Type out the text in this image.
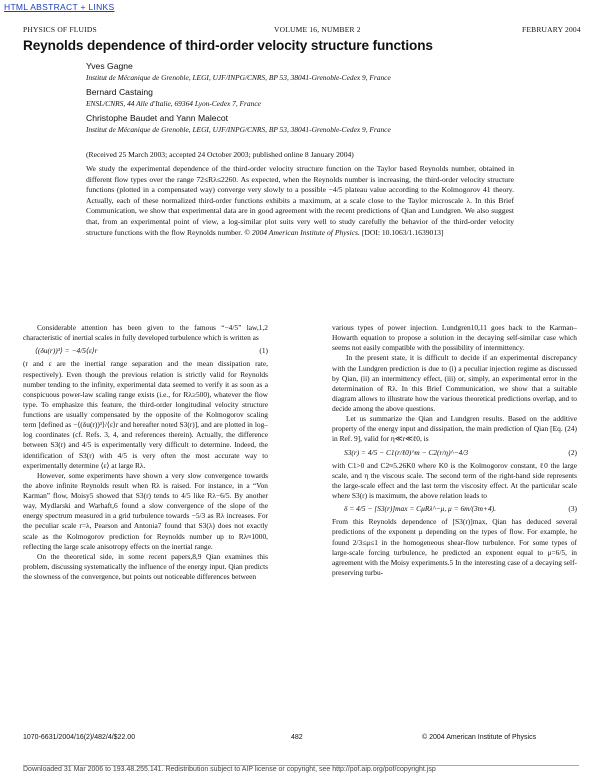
HTML ABSTRACT + LINKS
PHYSICS OF FLUIDS	VOLUME 16, NUMBER 2	FEBRUARY 2004
Reynolds dependence of third-order velocity structure functions
Yves Gagne
Institut de Mécanique de Grenoble, LEGI, UJF/INPG/CNRS, BP 53, 38041-Grenoble-Cedex 9, France
Bernard Castaing
ENSL/CNRS, 44 Alle d'Italie, 69364 Lyon-Cedex 7, France
Christophe Baudet and Yann Malecot
Institut de Mécanique de Grenoble, LEGI, UJF/INPG/CNRS, BP 53, 38041-Grenoble-Cedex 9, France
(Received 25 March 2003; accepted 24 October 2003; published online 8 January 2004)
We study the experimental dependence of the third-order velocity structure function on the Taylor based Reynolds number, obtained in different flow types over the range 72≤Rλ≤2260. As expected, when the Reynolds number is increasing, the third-order velocity structure functions (plotted in a compensated way) converge very slowly to a possible −4/5 plateau value according to the Kolmogorov 41 theory. Actually, each of these normalized third-order functions exhibits a maximum, at a scale close to the Taylor microscale λ. In this Brief Communication, we show that experimental data are in good agreement with the recent predictions of Qian and Lundgren. We also suggest that, from an experimental point of view, a log-similar plot suits very well to study carefully the behavior of the third-order velocity structure functions with the flow Reynolds number. © 2004 American Institute of Physics. [DOI: 10.1063/1.1639013]

Considerable attention has been given to the famous “−4/5” law,1,2 characteristic of inertial scales in fully developed turbulence which is written as

⟨(δu(r))³⟩ = −4/5⟨ε⟩r	(1)

(r and ε are the inertial range separation and the mean dissipation rate, respectively). Even though the previous relation is strictly valid for Reynolds number tending to the infinity, experimental data seemed to verify it as soon as a conspicuous power-law scaling range exists (i.e., for Rλ≥500), whatever the flow type. To emphasize this feature, the third-order longitudinal velocity structure functions are usually compensated by the opposite of the Kolmogorov scaling term [defined as −⟨(δu(r))³⟩/⟨ε⟩r and hereafter noted S3(r)], and are plotted in log–log coordinates (cf. Refs. 3, 4, and references therein). Actually, the difference between S3(r) and 4/5 is experimentally very difficult to determine. Indeed, the identification of S3(r) with 4/5 is very often the most accurate way to experimentally determine ⟨ε⟩ at large Rλ.

However, some experiments have shown a very slow convergence towards the above infinite Reynolds result when Rλ is raised. For instance, in a “Von Karman” flow, Moisy5 showed that S3(r) tends to 4/5 like Rλ−6/5. By another way, Mydlarski and Warhaft,6 found a slow convergence of the slope of the energy spectrum measured in a grid turbulence towards −5/3 as Rλ increases. For the peculiar scale r=λ, Pearson and Antonia7 found that S3(λ) does not exactly scale as the Kolmogorov prediction for Reynolds number up to Rλ≈1000, reflecting the large scale anisotropy effects on the inertial range.

On the theoretical side, in some recent papers,8,9 Qian examines this problem, discussing systematically the influence of the energy input. Qian predicts the slowness of the convergence, but points out noticeable differences between

various types of power injection. Lundgren10,11 goes back to the Karman–Howarth equation to propose a solution in the decaying self-similar case which seems not easily compatible with the possibility of intermittency.

In the present state, it is difficult to decide if an experimental discrepancy with the Lundgren prediction is due to (i) a peculiar injection regime as discussed by Qian, (ii) an intermittency effect, (iii) or, simply, an experimental error in the determination of Rλ. In this Brief Communication, we show that a suitable diagram allows to illustrate how the various theoretical predictions overlap, and to decide among the above questions.

Let us summarize the Qian and Lundgren results. Based on the additive property of the energy input and dissipation, the main prediction of Qian [Eq. (24) in Ref. 9], valid for η≪r≪ℓ0, is

S3(r) = 4/5 − C1(r/ℓ0)^m − C2(r/η)^−4/3	(2)

with C1>0 and C2≈5.26K0 where K0 is the Kolmogorov constant, ℓ0 the large scale, and η the viscous scale. The second term of the right-hand side represents the large-scale effect and the last term the viscosity effect. At the particular scale where S3(r) is maximum, the above relation leads to

δ = 4/5 − [S3(r)]max = CμRλ^−μ, μ = 6m/(3m+4).	(3)

From this Reynolds dependence of [S3(r)]max, Qian has deduced several predictions of the exponent μ depending on the types of flow. For example, he found 2/3≤μ≤1 in the homogeneous shear-flow turbulence. For some types of large-scale forcing turbulence, he predicted an exponent equal to μ=6/5, in agreement with the Moisy experiments.5 In the interesting case of a decaying self-preserving turbu-

1070-6631/2004/16(2)/482/4/$22.00	482	© 2004 American Institute of Physics
Downloaded 31 Mar 2006 to 193.48.255.141. Redistribution subject to AIP license or copyright, see http://pof.aip.org/pof/copyright.jsp
